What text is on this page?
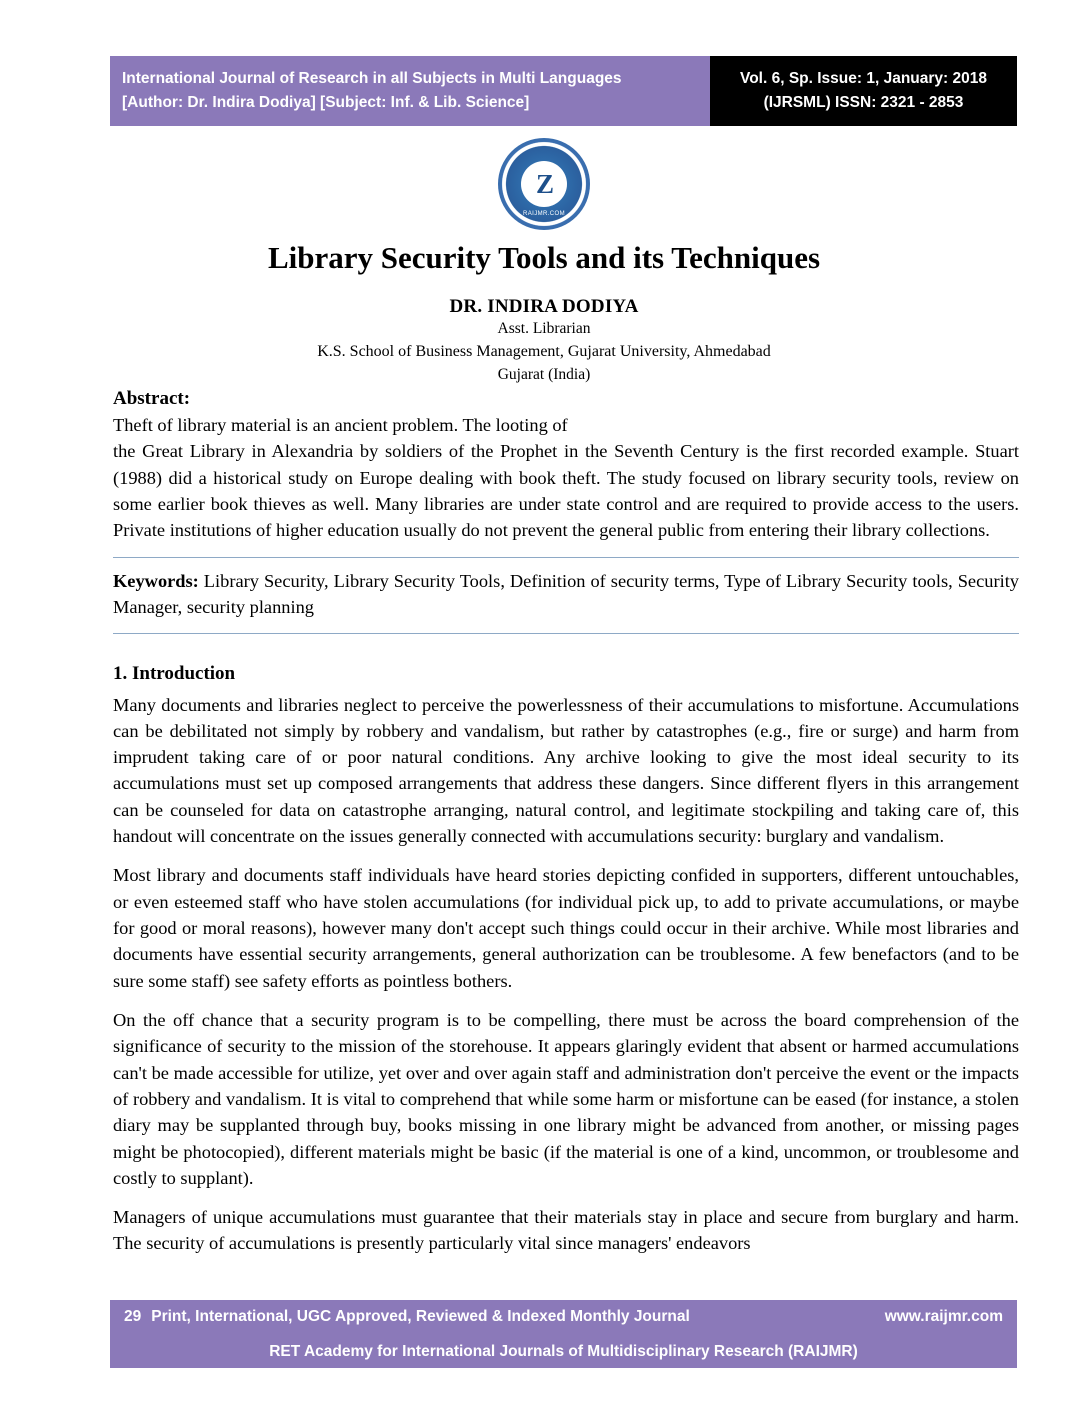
International Journal of Research in all Subjects in Multi Languages
[Author: Dr. Indira Dodiya] [Subject: Inf. & Lib. Science]
Vol. 6, Sp. Issue: 1, January: 2018
(IJRSML) ISSN: 2321 - 2853
Z
RAIJMR.COM
Library Security Tools and its Techniques
DR. INDIRA DODIYA
Asst. Librarian
K.S. School of Business Management, Gujarat University, Ahmedabad
Gujarat (India)
Abstract:

Theft of library material is an ancient problem. The looting of

the Great Library in Alexandria by soldiers of the Prophet in the Seventh Century is the first recorded example. Stuart (1988) did a historical study on Europe dealing with book theft. The study focused on library security tools, review on some earlier book thieves as well. Many libraries are under state control and are required to provide access to the users. Private institutions of higher education usually do not prevent the general public from entering their library collections.

Keywords: Library Security, Library Security Tools, Definition of security terms, Type of Library Security tools, Security Manager, security planning

1. Introduction

Many documents and libraries neglect to perceive the powerlessness of their accumulations to misfortune. Accumulations can be debilitated not simply by robbery and vandalism, but rather by catastrophes (e.g., fire or surge) and harm from imprudent taking care of or poor natural conditions. Any archive looking to give the most ideal security to its accumulations must set up composed arrangements that address these dangers. Since different flyers in this arrangement can be counseled for data on catastrophe arranging, natural control, and legitimate stockpiling and taking care of, this handout will concentrate on the issues generally connected with accumulations security: burglary and vandalism.

Most library and documents staff individuals have heard stories depicting confided in supporters, different untouchables, or even esteemed staff who have stolen accumulations (for individual pick up, to add to private accumulations, or maybe for good or moral reasons), however many don't accept such things could occur in their archive. While most libraries and documents have essential security arrangements, general authorization can be troublesome. A few benefactors (and to be sure some staff) see safety efforts as pointless bothers.

On the off chance that a security program is to be compelling, there must be across the board comprehension of the significance of security to the mission of the storehouse. It appears glaringly evident that absent or harmed accumulations can't be made accessible for utilize, yet over and over again staff and administration don't perceive the event or the impacts of robbery and vandalism. It is vital to comprehend that while some harm or misfortune can be eased (for instance, a stolen diary may be supplanted through buy, books missing in one library might be advanced from another, or missing pages might be photocopied), different materials might be basic (if the material is one of a kind, uncommon, or troublesome and costly to supplant).

Managers of unique accumulations must guarantee that their materials stay in place and secure from burglary and harm. The security of accumulations is presently particularly vital since managers' endeavors

29 Print, International, UGC Approved, Reviewed & Indexed Monthly Journal	www.raijmr.com
RET Academy for International Journals of Multidisciplinary Research (RAIJMR)
